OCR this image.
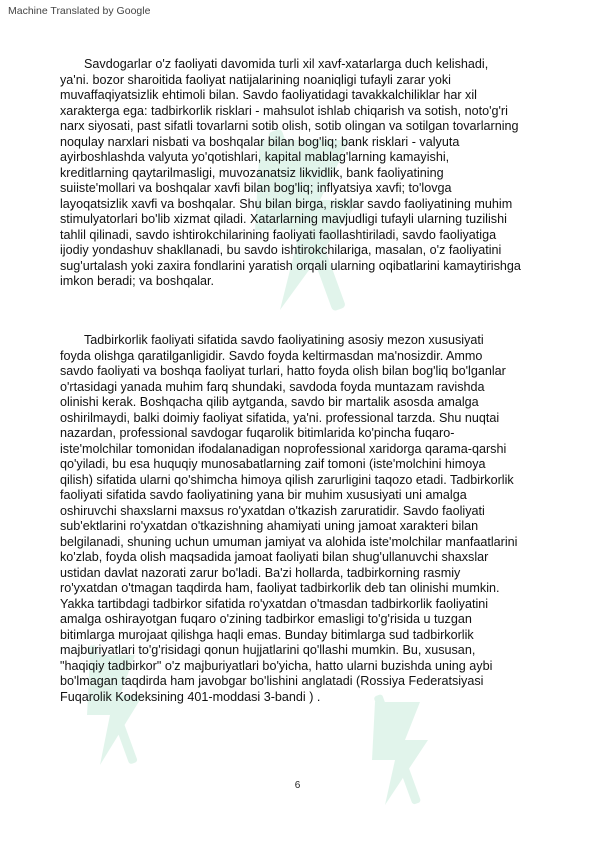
Machine Translated by Google
Savdogarlar o'z faoliyati davomida turli xil xavf-xatarlarga duch kelishadi,
ya'ni. bozor sharoitida faoliyat natijalarining noaniqligi tufayli zarar yoki
muvaffaqiyatsizlik ehtimoli bilan. Savdo faoliyatidagi tavakkalchiliklar har xil
xarakterga ega: tadbirkorlik risklari - mahsulot ishlab chiqarish va sotish, noto'g'ri
narx siyosati, past sifatli tovarlarni sotib olish, sotib olingan va sotilgan tovarlarning
noqulay narxlari nisbati va boshqalar bilan bog'liq; bank risklari - valyuta
ayirboshlashda valyuta yo'qotishlari, kapital mablag'larning kamayishi,
kreditlarning qaytarilmasligi, muvozanatsiz likvidlik, bank faoliyatining
suiiste'mollari va boshqalar xavfi bilan bog'liq; inflyatsiya xavfi; to'lovga
layoqatsizlik xavfi va boshqalar. Shu bilan birga, risklar savdo faoliyatining muhim
stimulyatorlari bo'lib xizmat qiladi. Xatarlarning mavjudligi tufayli ularning tuzilishi
tahlil qilinadi, savdo ishtirokchilarining faoliyati faollashtiriladi, savdo faoliyatiga
ijodiy yondashuv shakllanadi, bu savdo ishtirokchilariga, masalan, o'z faoliyatini
sug'urtalash yoki zaxira fondlarini yaratish orqali ularning oqibatlarini kamaytirishga
imkon beradi; va boshqalar.
Tadbirkorlik faoliyati sifatida savdo faoliyatining asosiy mezon xususiyati
foyda olishga qaratilganligidir. Savdo foyda keltirmasdan ma'nosizdir. Ammo
savdo faoliyati va boshqa faoliyat turlari, hatto foyda olish bilan bog'liq bo'lganlar
o'rtasidagi yanada muhim farq shundaki, savdoda foyda muntazam ravishda
olinishi kerak. Boshqacha qilib aytganda, savdo bir martalik asosda amalga
oshirilmaydi, balki doimiy faoliyat sifatida, ya'ni. professional tarzda. Shu nuqtai
nazardan, professional savdogar fuqarolik bitimlarida ko'pincha fuqaro-
iste'molchilar tomonidan ifodalanadigan noprofessional xaridorga qarama-qarshi
qo'yiladi, bu esa huquqiy munosabatlarning zaif tomoni (iste'molchini himoya
qilish) sifatida ularni qo'shimcha himoya qilish zarurligini taqozo etadi. Tadbirkorlik
faoliyati sifatida savdo faoliyatining yana bir muhim xususiyati uni amalga
oshiruvchi shaxslarni maxsus ro'yxatdan o'tkazish zaruratidir. Savdo faoliyati
sub'ektlarini ro'yxatdan o'tkazishning ahamiyati uning jamoat xarakteri bilan
belgilanadi, shuning uchun umuman jamiyat va alohida iste'molchilar manfaatlarini
ko'zlab, foyda olish maqsadida jamoat faoliyati bilan shug'ullanuvchi shaxslar
ustidan davlat nazorati zarur bo'ladi. Ba'zi hollarda, tadbirkorning rasmiy
ro'yxatdan o'tmagan taqdirda ham, faoliyat tadbirkorlik deb tan olinishi mumkin.
Yakka tartibdagi tadbirkor sifatida ro'yxatdan o'tmasdan tadbirkorlik faoliyatini
amalga oshirayotgan fuqaro o'zining tadbirkor emasligi to'g'risida u tuzgan
bitimlarga murojaat qilishga haqli emas. Bunday bitimlarga sud tadbirkorlik
majburiyatlari to'g'risidagi qonun hujjatlarini qo'llashi mumkin. Bu, xususan,
"haqiqiy tadbirkor" o'z majburiyatlari bo'yicha, hatto ularni buzishda uning aybi
bo'lmagan taqdirda ham javobgar bo'lishini anglatadi (Rossiya Federatsiyasi
Fuqarolik Kodeksining 401-moddasi 3-bandi ) .
6
